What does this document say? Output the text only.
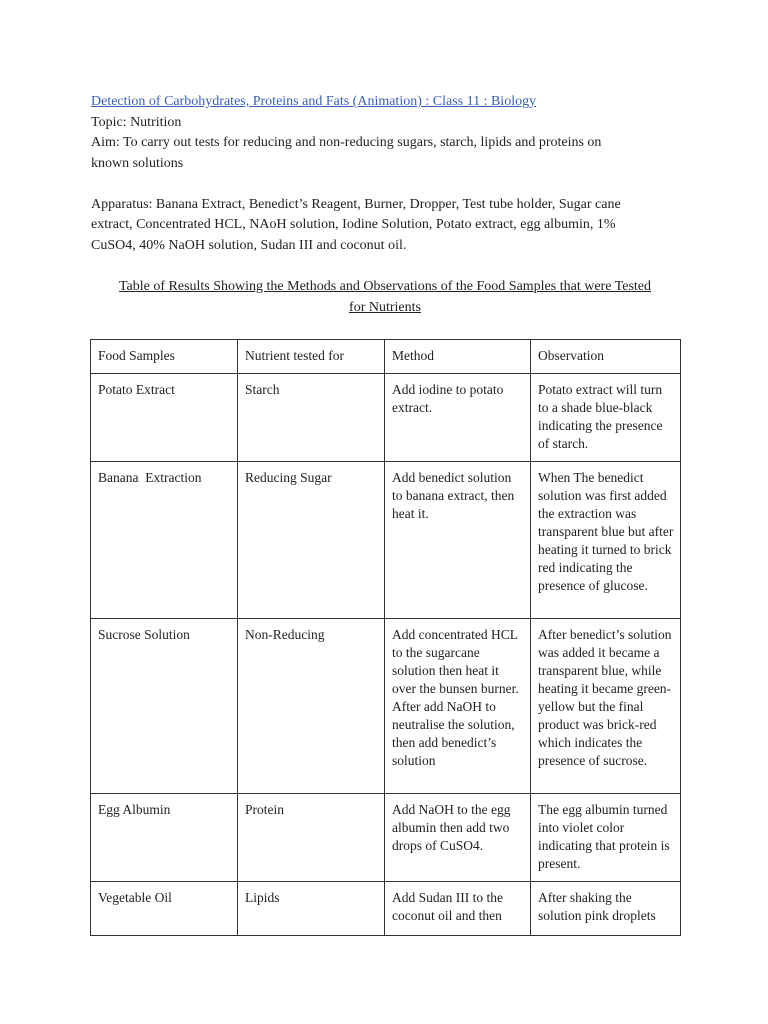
Detection of Carbohydrates, Proteins and Fats (Animation) : Class 11 : Biology
Topic: Nutrition
Aim: To carry out tests for reducing and non-reducing sugars, starch, lipids and proteins on
known solutions
Apparatus: Banana Extract, Benedict’s Reagent, Burner, Dropper, Test tube holder, Sugar cane
extract, Concentrated HCL, NAoH solution, Iodine Solution, Potato extract, egg albumin, 1%
CuSO4, 40% NaOH solution, Sudan III and coconut oil.
Table of Results Showing the Methods and Observations of the Food Samples that were Tested
for Nutrients
Food Samples	Nutrient tested for	Method	Observation
Potato Extract	Starch	Add iodine to potato extract.	Potato extract will turn to a shade blue-black indicating the presence of starch.
Banana  Extraction	Reducing Sugar	Add benedict solution to banana extract, then heat it.	When The benedict solution was first added the extraction was transparent blue but after heating it turned to brick red indicating the presence of glucose.
Sucrose Solution	Non-Reducing	Add concentrated HCL to the sugarcane solution then heat it over the bunsen burner. After add NaOH to neutralise the solution, then add benedict’s solution	After benedict’s solution was added it became a transparent blue, while heating it became green-yellow but the final product was brick-red which indicates the presence of sucrose.
Egg Albumin	Protein	Add NaOH to the egg albumin then add two drops of CuSO4.	The egg albumin turned into violet color indicating that protein is present.
Vegetable Oil	Lipids	Add Sudan III to the coconut oil and then	After shaking the solution pink droplets
